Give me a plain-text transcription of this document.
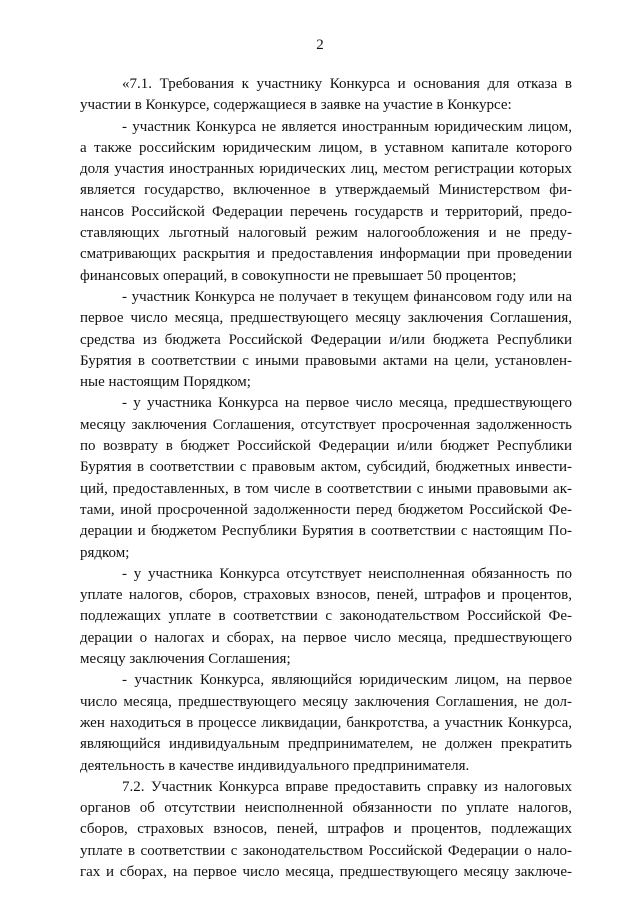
2
«7.1. Требования к участнику Конкурса и основания для отказа в
участии в Конкурсе, содержащиеся в заявке на участие в Конкурсе:
- участник Конкурса не является иностранным юридическим лицом,
а также российским юридическим лицом, в уставном капитале которого
доля участия иностранных юридических лиц, местом регистрации которых
является государство, включенное в утверждаемый Министерством фи-
нансов Российской Федерации перечень государств и территорий, предо-
ставляющих льготный налоговый режим налогообложения и не преду-
сматривающих раскрытия и предоставления информации при проведении
финансовых операций, в совокупности не превышает 50 процентов;
- участник Конкурса не получает в текущем финансовом году или на
первое число месяца, предшествующего месяцу заключения Соглашения,
средства из бюджета Российской Федерации и/или бюджета Республики
Бурятия в соответствии с иными правовыми актами на цели, установлен-
ные настоящим Порядком;
- у участника Конкурса на первое число месяца, предшествующего
месяцу заключения Соглашения, отсутствует просроченная задолженность
по возврату в бюджет Российской Федерации и/или бюджет Республики
Бурятия в соответствии с правовым актом, субсидий, бюджетных инвести-
ций, предоставленных, в том числе в соответствии с иными правовыми ак-
тами, иной просроченной задолженности перед бюджетом Российской Фе-
дерации и бюджетом Республики Бурятия в соответствии с настоящим По-
рядком;
- у участника Конкурса отсутствует неисполненная обязанность по
уплате налогов, сборов, страховых взносов, пеней, штрафов и процентов,
подлежащих уплате в соответствии с законодательством Российской Фе-
дерации о налогах и сборах, на первое число месяца, предшествующего
месяцу заключения Соглашения;
- участник Конкурса, являющийся юридическим лицом, на первое
число месяца, предшествующего месяцу заключения Соглашения, не дол-
жен находиться в процессе ликвидации, банкротства, а участник Конкурса,
являющийся индивидуальным предпринимателем, не должен прекратить
деятельность в качестве индивидуального предпринимателя.
7.2. Участник Конкурса вправе предоставить справку из налоговых
органов об отсутствии неисполненной обязанности по уплате налогов,
сборов, страховых взносов, пеней, штрафов и процентов, подлежащих
уплате в соответствии с законодательством Российской Федерации о нало-
гах и сборах, на первое число месяца, предшествующего месяцу заключе-
